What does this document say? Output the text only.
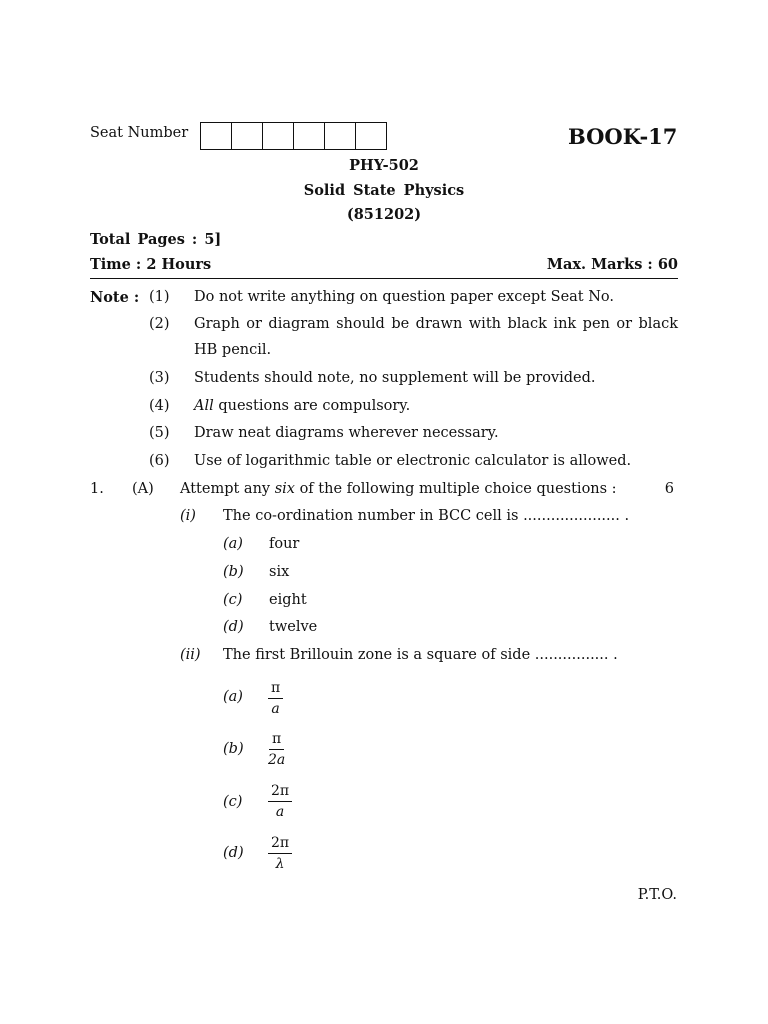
Seat Number	BOOK-17
PHY-502
Solid State Physics
(851202)
Total Pages : 5]
Time : 2 Hours	Max. Marks : 60
Note : (1) Do not write anything on question paper except Seat No.
(2) Graph or diagram should be drawn with black ink pen or black HB pencil.
(3) Students should note, no supplement will be provided.
(4) All questions are compulsory.
(5) Draw neat diagrams wherever necessary.
(6) Use of logarithmic table or electronic calculator is allowed.
1. (A) Attempt any six of the following multiple choice questions :	6
(i) The co-ordination number in BCC cell is ..................... .
(a) four
(b) six
(c) eight
(d) twelve
(ii) The first Brillouin zone is a square of side ................ .
$(a) \frac{\pi}{a}$
$(b) \frac{\pi}{2a}$
$(c) \frac{2\pi}{a}$
$(d) \frac{2\pi}{\lambda}$
P.T.O.
